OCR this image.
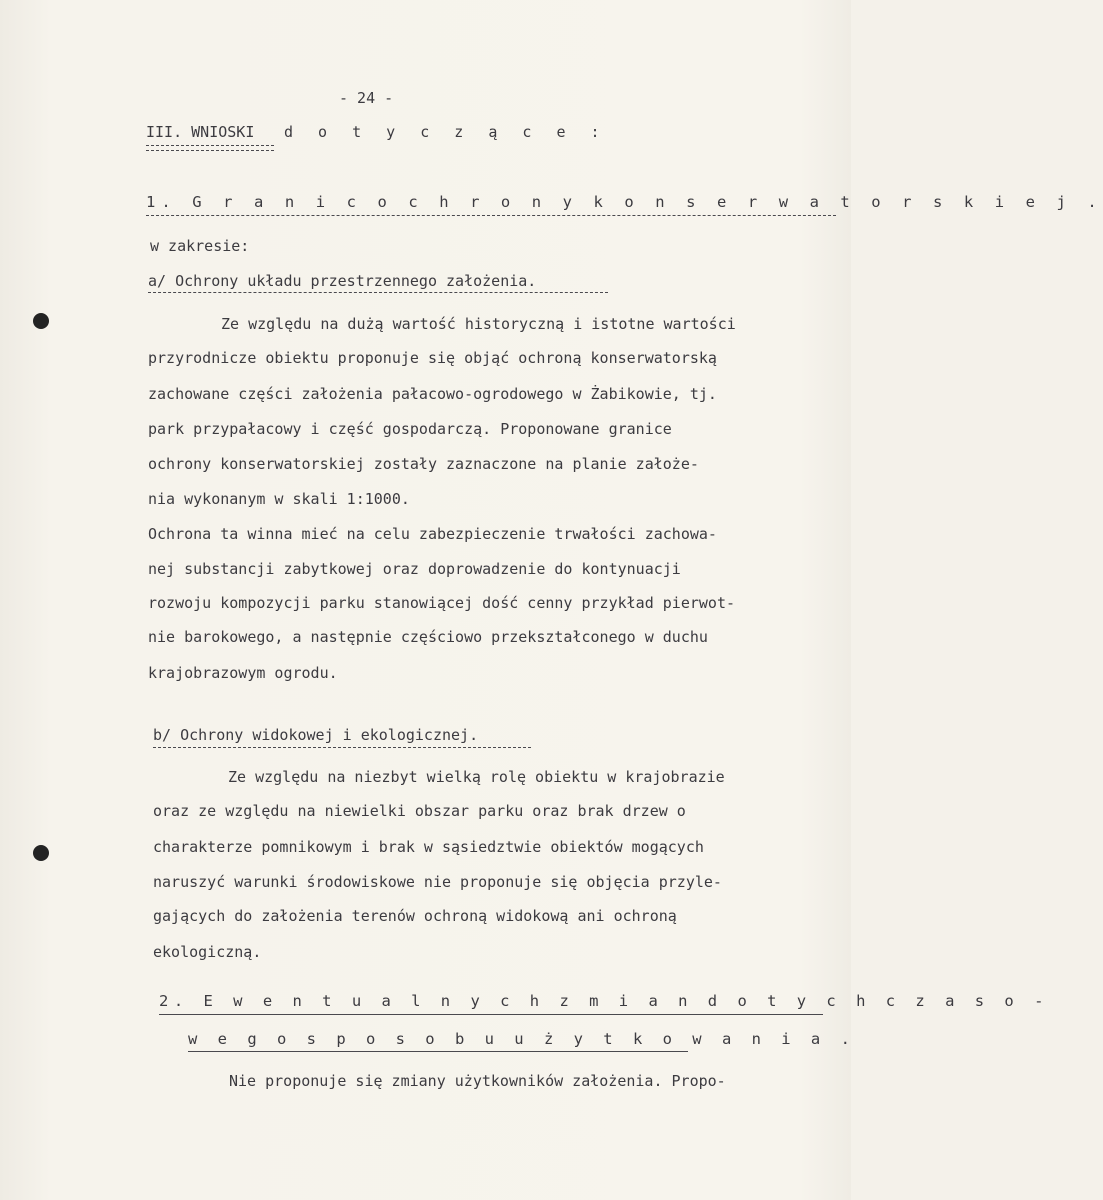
- 24 -
III. WNIOSKI d o t y c z ą c e :
1. G r a n i c o c h r o n y k o n s e r w a t o r s k i e j .
w zakresie:
a/ Ochrony układu przestrzennego założenia.
Ze względu na dużą wartość historyczną i istotne wartości
przyrodnicze obiektu proponuje się objąć ochroną konserwatorską
zachowane części założenia pałacowo-ogrodowego w Żabikowie, tj.
park przypałacowy i część gospodarczą. Proponowane granice
ochrony konserwatorskiej zostały zaznaczone na planie założe-
nia wykonanym w skali 1:1000.
Ochrona ta winna mieć na celu zabezpieczenie trwałości zachowa-
nej substancji zabytkowej oraz doprowadzenie do kontynuacji
rozwoju kompozycji parku stanowiącej dość cenny przykład pierwot-
nie barokowego, a następnie częściowo przekształconego w duchu
krajobrazowym ogrodu.
b/ Ochrony widokowej i ekologicznej.
Ze względu na niezbyt wielką rolę obiektu w krajobrazie
oraz ze względu na niewielki obszar parku oraz brak drzew o
charakterze pomnikowym i brak w sąsiedztwie obiektów mogących
naruszyć warunki środowiskowe nie proponuje się objęcia przyle-
gających do założenia terenów ochroną widokową ani ochroną
ekologiczną.
2. E w e n t u a l n y c h z m i a n d o t y c h c z a s o -
w e g o s p o s o b u u ż y t k o w a n i a .
Nie proponuje się zmiany użytkowników założenia. Propo-
